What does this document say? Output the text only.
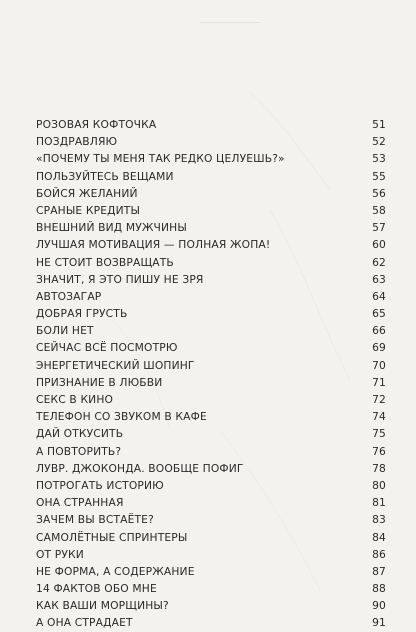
РОЗОВАЯ КОФТОЧКА	51
ПОЗДРАВЛЯЮ	52
«ПОЧЕМУ ТЫ МЕНЯ ТАК РЕДКО ЦЕЛУЕШЬ?»	53
ПОЛЬЗУЙТЕСЬ ВЕЩАМИ	55
БОЙСЯ ЖЕЛАНИЙ	56
СРАНЫЕ КРЕДИТЫ	58
ВНЕШНИЙ ВИД МУЖЧИНЫ	57
ЛУЧШАЯ МОТИВАЦИЯ — ПОЛНАЯ ЖОПА!	60
НЕ СТОИТ ВОЗВРАЩАТЬ	62
ЗНАЧИТ, Я ЭТО ПИШУ НЕ ЗРЯ	63
АВТОЗАГАР	64
ДОБРАЯ ГРУСТЬ	65
БОЛИ НЕТ	66
СЕЙЧАС ВСЁ ПОСМОТРЮ	69
ЭНЕРГЕТИЧЕСКИЙ ШОПИНГ	70
ПРИЗНАНИЕ В ЛЮБВИ	71
СЕКС В КИНО	72
ТЕЛЕФОН СО ЗВУКОМ В КАФЕ	74
ДАЙ ОТКУСИТЬ	75
А ПОВТОРИТЬ?	76
ЛУВР. ДЖОКОНДА. ВООБЩЕ ПОФИГ	78
ПОТРОГАТЬ ИСТОРИЮ	80
ОНА СТРАННАЯ	81
ЗАЧЕМ ВЫ ВСТАЁТЕ?	83
САМОЛЁТНЫЕ СПРИНТЕРЫ	84
ОТ РУКИ	86
НЕ ФОРМА, А СОДЕРЖАНИЕ	87
14 ФАКТОВ ОБО МНЕ	88
КАК ВАШИ МОРЩИНЫ?	90
А ОНА СТРАДАЕТ	91
